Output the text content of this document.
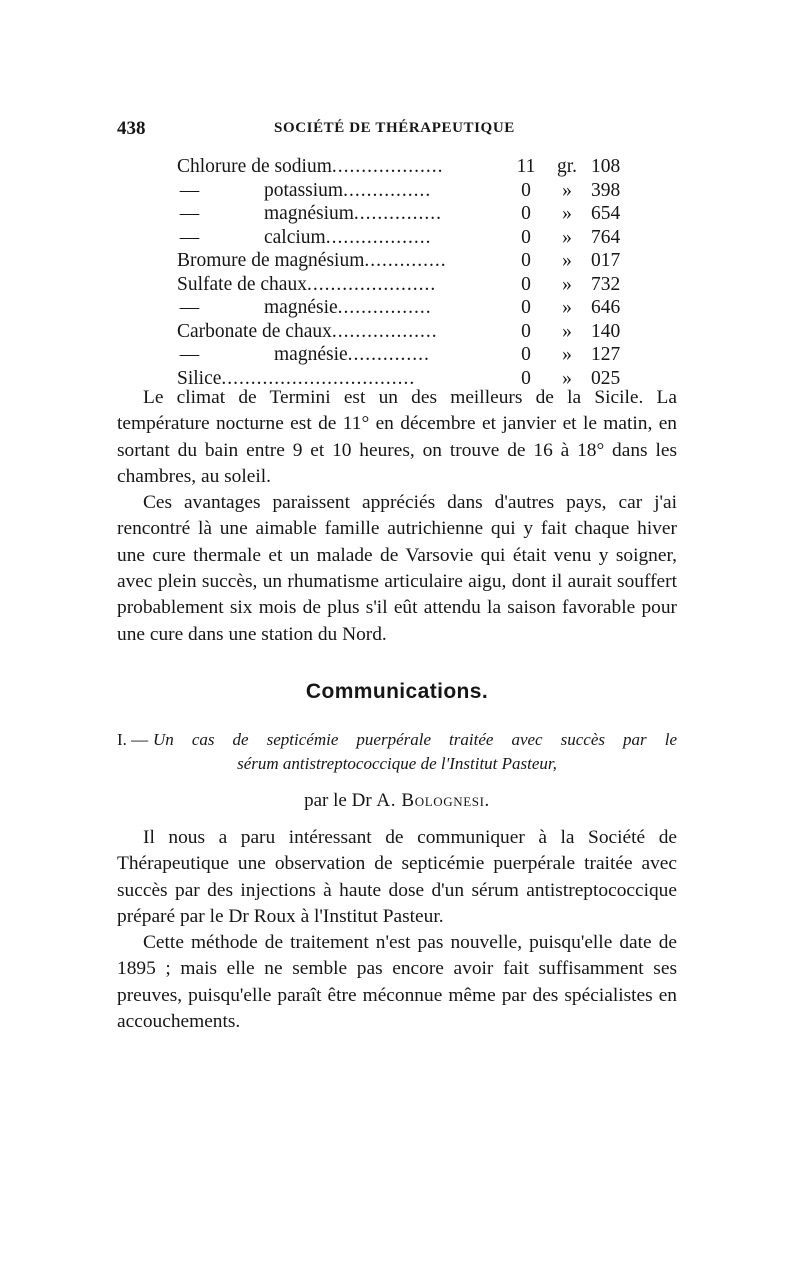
438	SOCIÉTÉ DE THÉRAPEUTIQUE
Chlorure de sodium...................	11	gr. 108
—	potassium...............	0	» 398
—	magnésium...............	0	» 654
—	calcium..................	0	» 764
Bromure de magnésium..............	0	» 017
Sulfate de chaux......................	0	» 732
—	magnésie................	0	» 646
Carbonate de chaux..................	0	» 140
—	magnésie..............	0	» 127
Silice.................................	0	» 025

Le climat de Termini est un des meilleurs de la Sicile. La température nocturne est de 11° en décembre et janvier et le matin, en sortant du bain entre 9 et 10 heures, on trouve de 16 à 18° dans les chambres, au soleil.

Ces avantages paraissent appréciés dans d'autres pays, car j'ai rencontré là une aimable famille autrichienne qui y fait chaque hiver une cure thermale et un malade de Varsovie qui était venu y soigner, avec plein succès, un rhumatisme articulaire aigu, dont il aurait souffert probablement six mois de plus s'il eût attendu la saison favorable pour une cure dans une station du Nord.

Communications.
I. — Un cas de septicémie puerpérale traitée avec succès par le
sérum antistreptococcique de l'Institut Pasteur,
par le Dr A. Bolognesi.

Il nous a paru intéressant de communiquer à la Société de Thérapeutique une observation de septicémie puerpérale traitée avec succès par des injections à haute dose d'un sérum antistreptococcique préparé par le Dr Roux à l'Institut Pasteur.

Cette méthode de traitement n'est pas nouvelle, puisqu'elle date de 1895 ; mais elle ne semble pas encore avoir fait suffisamment ses preuves, puisqu'elle paraît être méconnue même par des spécialistes en accouchements.
